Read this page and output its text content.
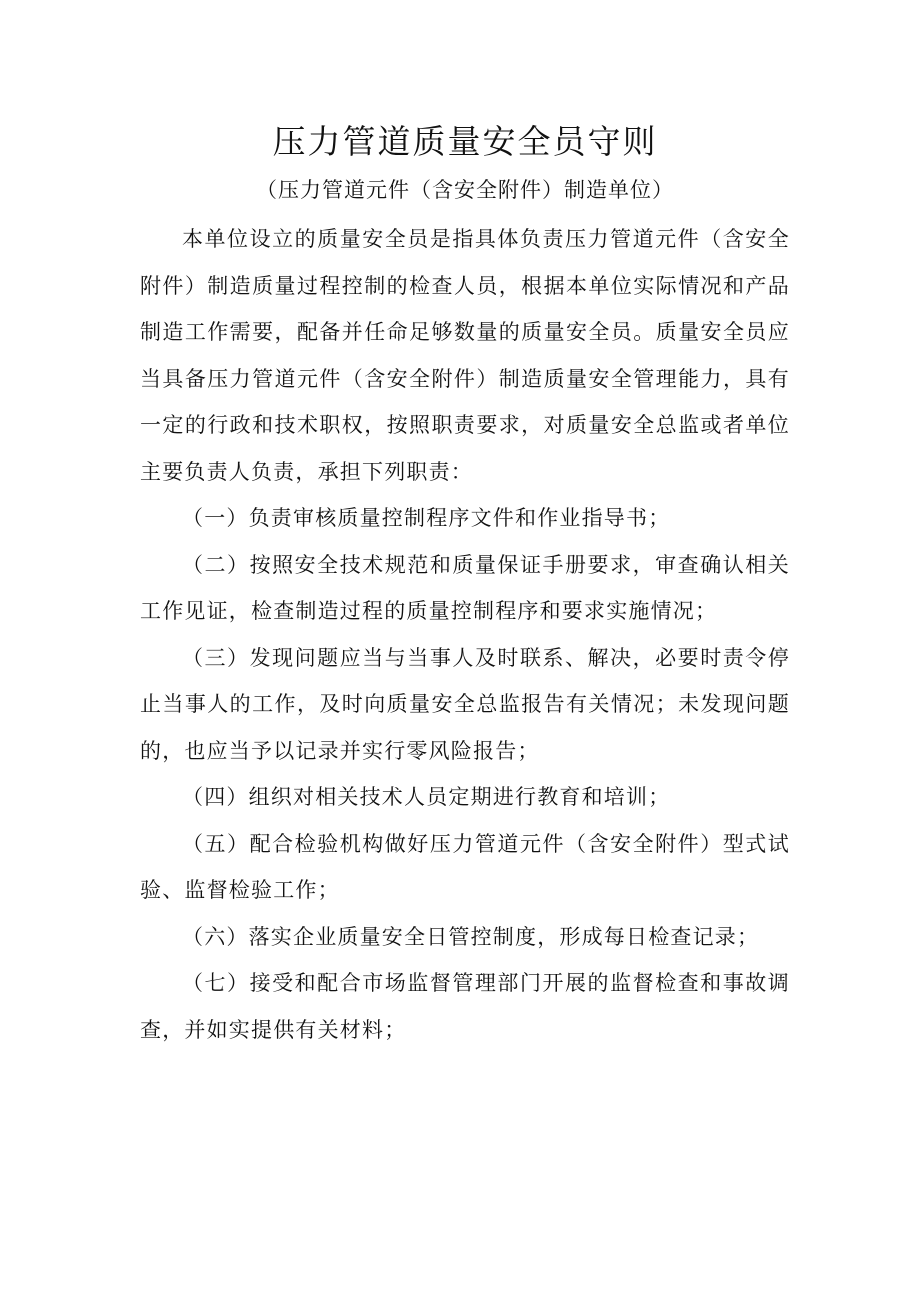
压力管道质量安全员守则
（压力管道元件（含安全附件）制造单位）

本单位设立的质量安全员是指具体负责压力管道元件（含安全附件）制造质量过程控制的检查人员，根据本单位实际情况和产品制造工作需要，配备并任命足够数量的质量安全员。质量安全员应当具备压力管道元件（含安全附件）制造质量安全管理能力，具有一定的行政和技术职权，按照职责要求，对质量安全总监或者单位主要负责人负责，承担下列职责：

（一）负责审核质量控制程序文件和作业指导书；

（二）按照安全技术规范和质量保证手册要求，审查确认相关工作见证，检查制造过程的质量控制程序和要求实施情况；

（三）发现问题应当与当事人及时联系、解决，必要时责令停止当事人的工作，及时向质量安全总监报告有关情况；未发现问题的，也应当予以记录并实行零风险报告；

（四）组织对相关技术人员定期进行教育和培训；

（五）配合检验机构做好压力管道元件（含安全附件）型式试验、监督检验工作；

（六）落实企业质量安全日管控制度，形成每日检查记录；

（七）接受和配合市场监督管理部门开展的监督检查和事故调查，并如实提供有关材料；
